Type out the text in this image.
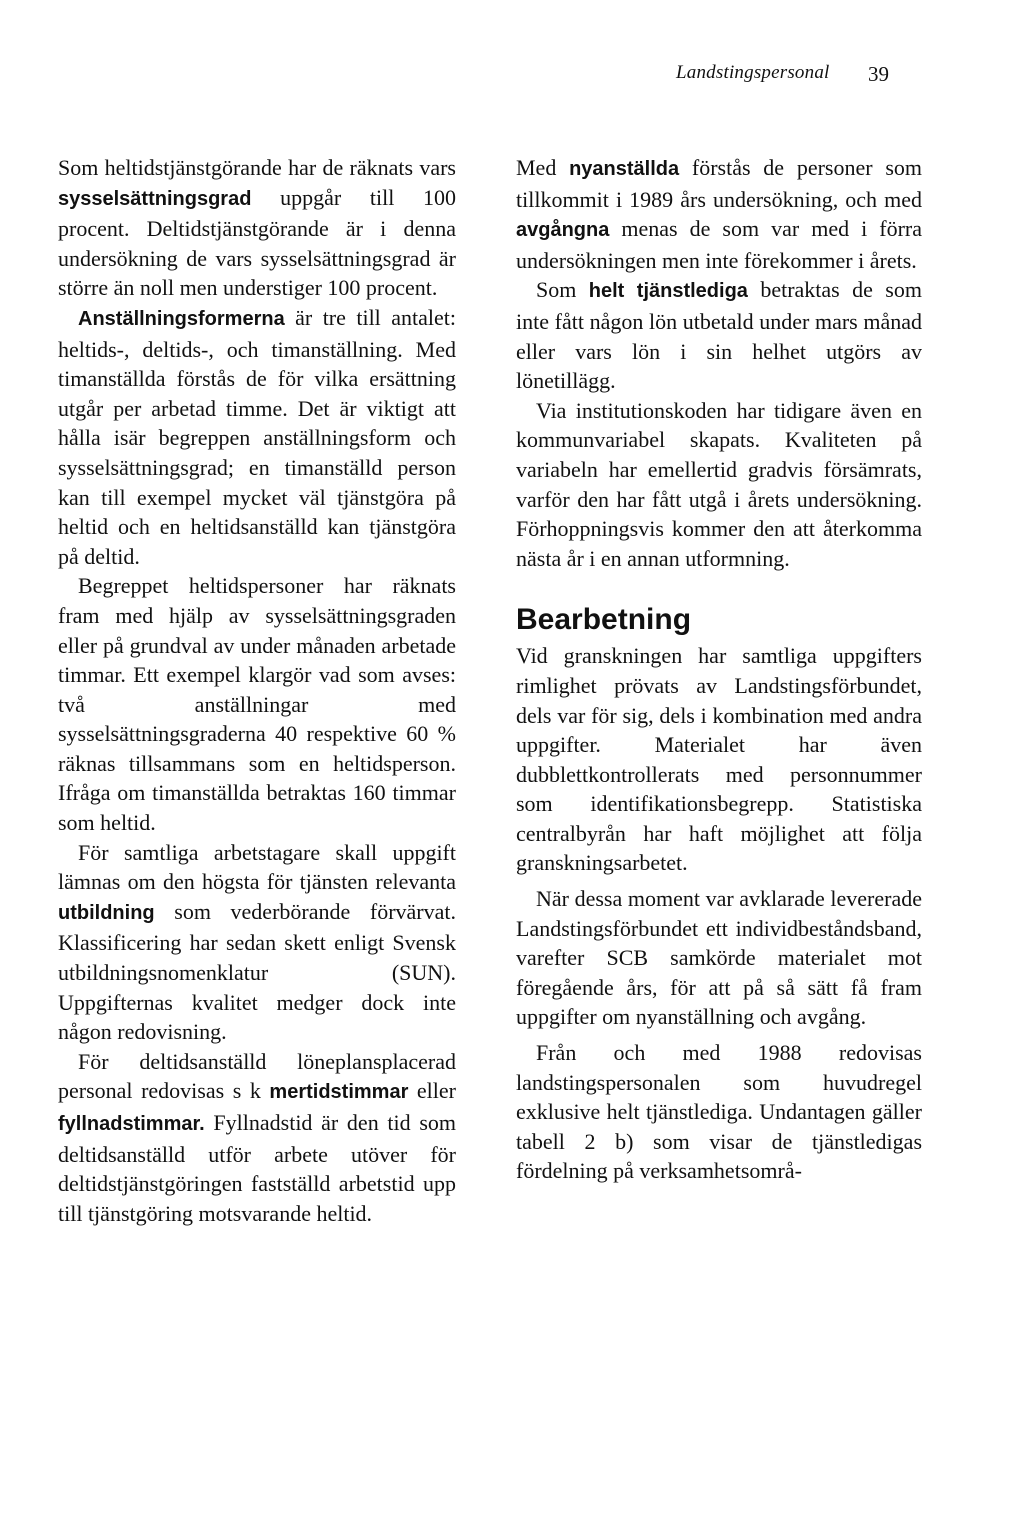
Landstingspersonal 39

Som heltidstjänstgörande har de räknats vars sysselsättningsgrad uppgår till 100 procent. Deltidstjänstgörande är i denna undersökning de vars sysselsättningsgrad är större än noll men understiger 100 procent.

Anställningsformerna är tre till antalet: heltids-, deltids-, och timanställning. Med timanställda förstås de för vilka ersättning utgår per arbetad timme. Det är viktigt att hålla isär begreppen anställningsform och sysselsättningsgrad; en timanställd person kan till exempel mycket väl tjänstgöra på heltid och en heltidsanställd kan tjänstgöra på deltid.

Begreppet heltidspersoner har räknats fram med hjälp av sysselsättningsgraden eller på grundval av under månaden arbetade timmar. Ett exempel klargör vad som avses: två anställningar med sysselsättningsgraderna 40 respektive 60 % räknas tillsammans som en heltidsperson. Ifråga om timanställda betraktas 160 timmar som heltid.

För samtliga arbetstagare skall uppgift lämnas om den högsta för tjänsten relevanta utbildning som vederbörande förvärvat. Klassificering har sedan skett enligt Svensk utbildningsnomenklatur (SUN). Uppgifternas kvalitet medger dock inte någon redovisning.

För deltidsanställd löneplansplacerad personal redovisas s k mertidstimmar eller fyllnadstimmar. Fyllnadstid är den tid som deltidsanställd utför arbete utöver för deltidstjänstgöringen fastställd arbetstid upp till tjänstgöring motsvarande heltid.

Med nyanställda förstås de personer som tillkommit i 1989 års undersökning, och med avgångna menas de som var med i förra undersökningen men inte förekommer i årets.

Som helt tjänstlediga betraktas de som inte fått någon lön utbetald under mars månad eller vars lön i sin helhet utgörs av lönetillägg.

Via institutionskoden har tidigare även en kommunvariabel skapats. Kvaliteten på variabeln har emellertid gradvis försämrats, varför den har fått utgå i årets undersökning. Förhoppningsvis kommer den att återkomma nästa år i en annan utformning.

Bearbetning

Vid granskningen har samtliga uppgifters rimlighet prövats av Landstingsförbundet, dels var för sig, dels i kombination med andra uppgifter. Materialet har även dubblettkontrollerats med personnummer som identifikationsbegrepp. Statistiska centralbyrån har haft möjlighet att följa granskningsarbetet.

När dessa moment var avklarade levererade Landstingsförbundet ett individbeståndsband, varefter SCB samkörde materialet mot föregående års, för att på så sätt få fram uppgifter om nyanställning och avgång.

Från och med 1988 redovisas landstingspersonalen som huvudregel exklusive helt tjänstlediga. Undantagen gäller tabell 2 b) som visar de tjänstledigas fördelning på verksamhetsområ-
